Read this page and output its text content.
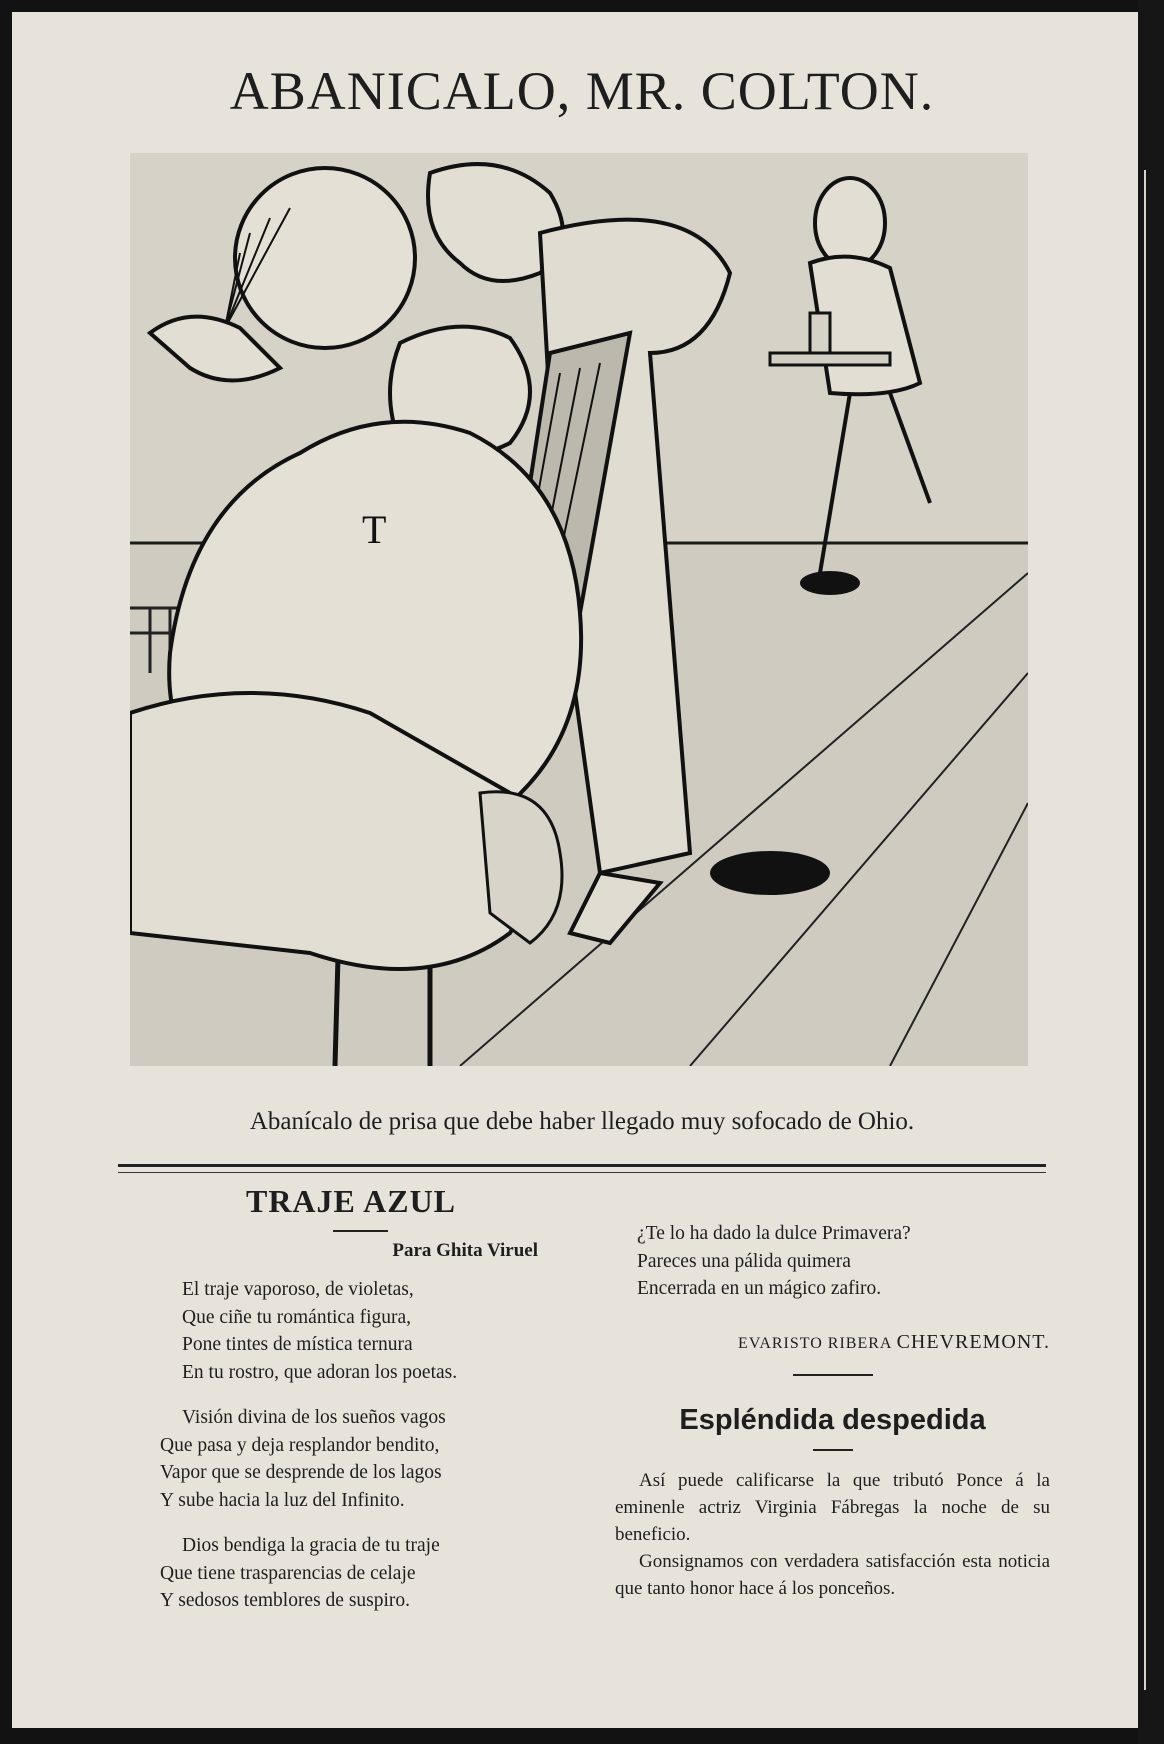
ABANICALO, MR. COLTON.
T
Abanícalo de prisa que debe haber llegado muy sofocado de Ohio.
TRAJE AZUL
Para Ghita Viruel
El traje vaporoso, de violetas,
Que ciñe tu romántica figura,
Pone tintes de mística ternura
En tu rostro, que adoran los poetas.
Visión divina de los sueños vagos
Que pasa y deja resplandor bendito,
Vapor que se desprende de los lagos
Y sube hacia la luz del Infinito.
Dios bendiga la gracia de tu traje
Que tiene trasparencias de celaje
Y sedosos temblores de suspiro.
¿Te lo ha dado la dulce Primavera?
Pareces una pálida quimera
Encerrada en un mágico zafiro.
EVARISTO RIBERA CHEVREMONT.
Espléndida despedida

Así puede calificarse la que tributó Ponce á la eminenle actriz Virginia Fábregas la noche de su beneficio.

Gonsignamos con verdadera satisfacción esta noticia que tanto honor hace á los ponceños.
